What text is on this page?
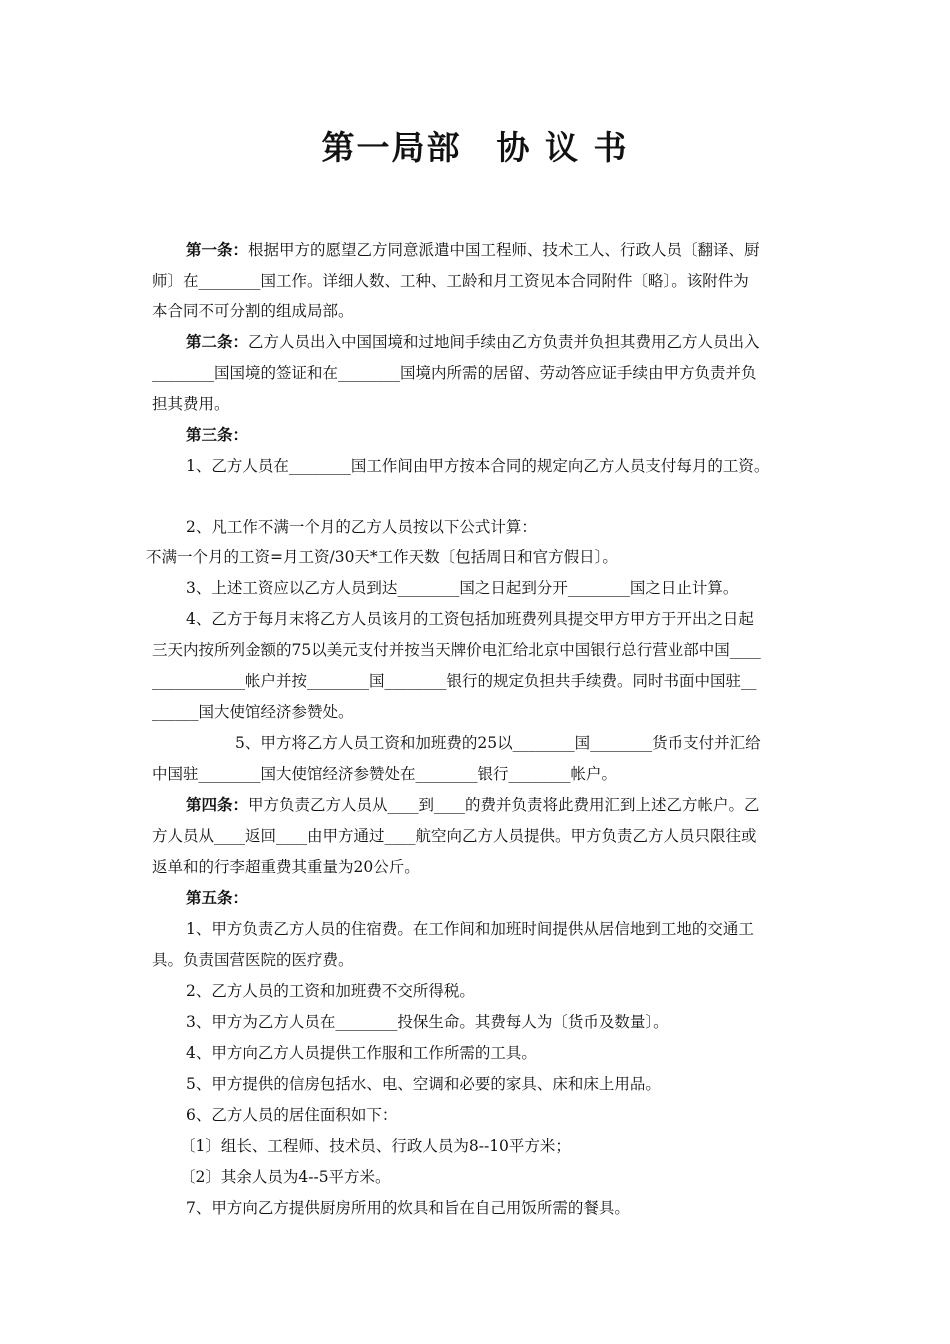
第一局部　协 议 书
第一条：根据甲方的愿望乙方同意派遣中国工程师、技术工人、行政人员〔翻译、厨
师〕在________国工作。详细人数、工种、工龄和月工资见本合同附件〔略〕。该附件为
本合同不可分割的组成局部。
第二条：乙方人员出入中国国境和过地间手续由乙方负责并负担其费用乙方人员出入
________国国境的签证和在________国境内所需的居留、劳动答应证手续由甲方负责并负
担其费用。
第三条：
1、乙方人员在________国工作间由甲方按本合同的规定向乙方人员支付每月的工资。
2、凡工作不满一个月的乙方人员按以下公式计算：
不满一个月的工资=月工资/30天*工作天数〔包括周日和官方假日〕。
3、上述工资应以乙方人员到达________国之日起到分开________国之日止计算。
4、乙方于每月末将乙方人员该月的工资包括加班费列具提交甲方甲方于开出之日起
三天内按所列金额的75以美元支付并按当天牌价电汇给北京中国银行总行营业部中国____
____________帐户并按________国________银行的规定负担共手续费。同时书面中国驻__
______国大使馆经济参赞处。
5、甲方将乙方人员工资和加班费的25以________国________货币支付并汇给
中国驻________国大使馆经济参赞处在________银行________帐户。
第四条：甲方负责乙方人员从____到____的费并负责将此费用汇到上述乙方帐户。乙
方人员从____返回____由甲方通过____航空向乙方人员提供。甲方负责乙方人员只限往或
返单和的行李超重费其重量为20公斤。
第五条：
1、甲方负责乙方人员的住宿费。在工作间和加班时间提供从居信地到工地的交通工
具。负责国营医院的医疗费。
2、乙方人员的工资和加班费不交所得税。
3、甲方为乙方人员在________投保生命。其费每人为〔货币及数量〕。
4、甲方向乙方人员提供工作服和工作所需的工具。
5、甲方提供的信房包括水、电、空调和必要的家具、床和床上用品。
6、乙方人员的居住面积如下：
〔1〕组长、工程师、技术员、行政人员为8--10平方米；
〔2〕其余人员为4--5平方米。
7、甲方向乙方提供厨房所用的炊具和旨在自己用饭所需的餐具。
